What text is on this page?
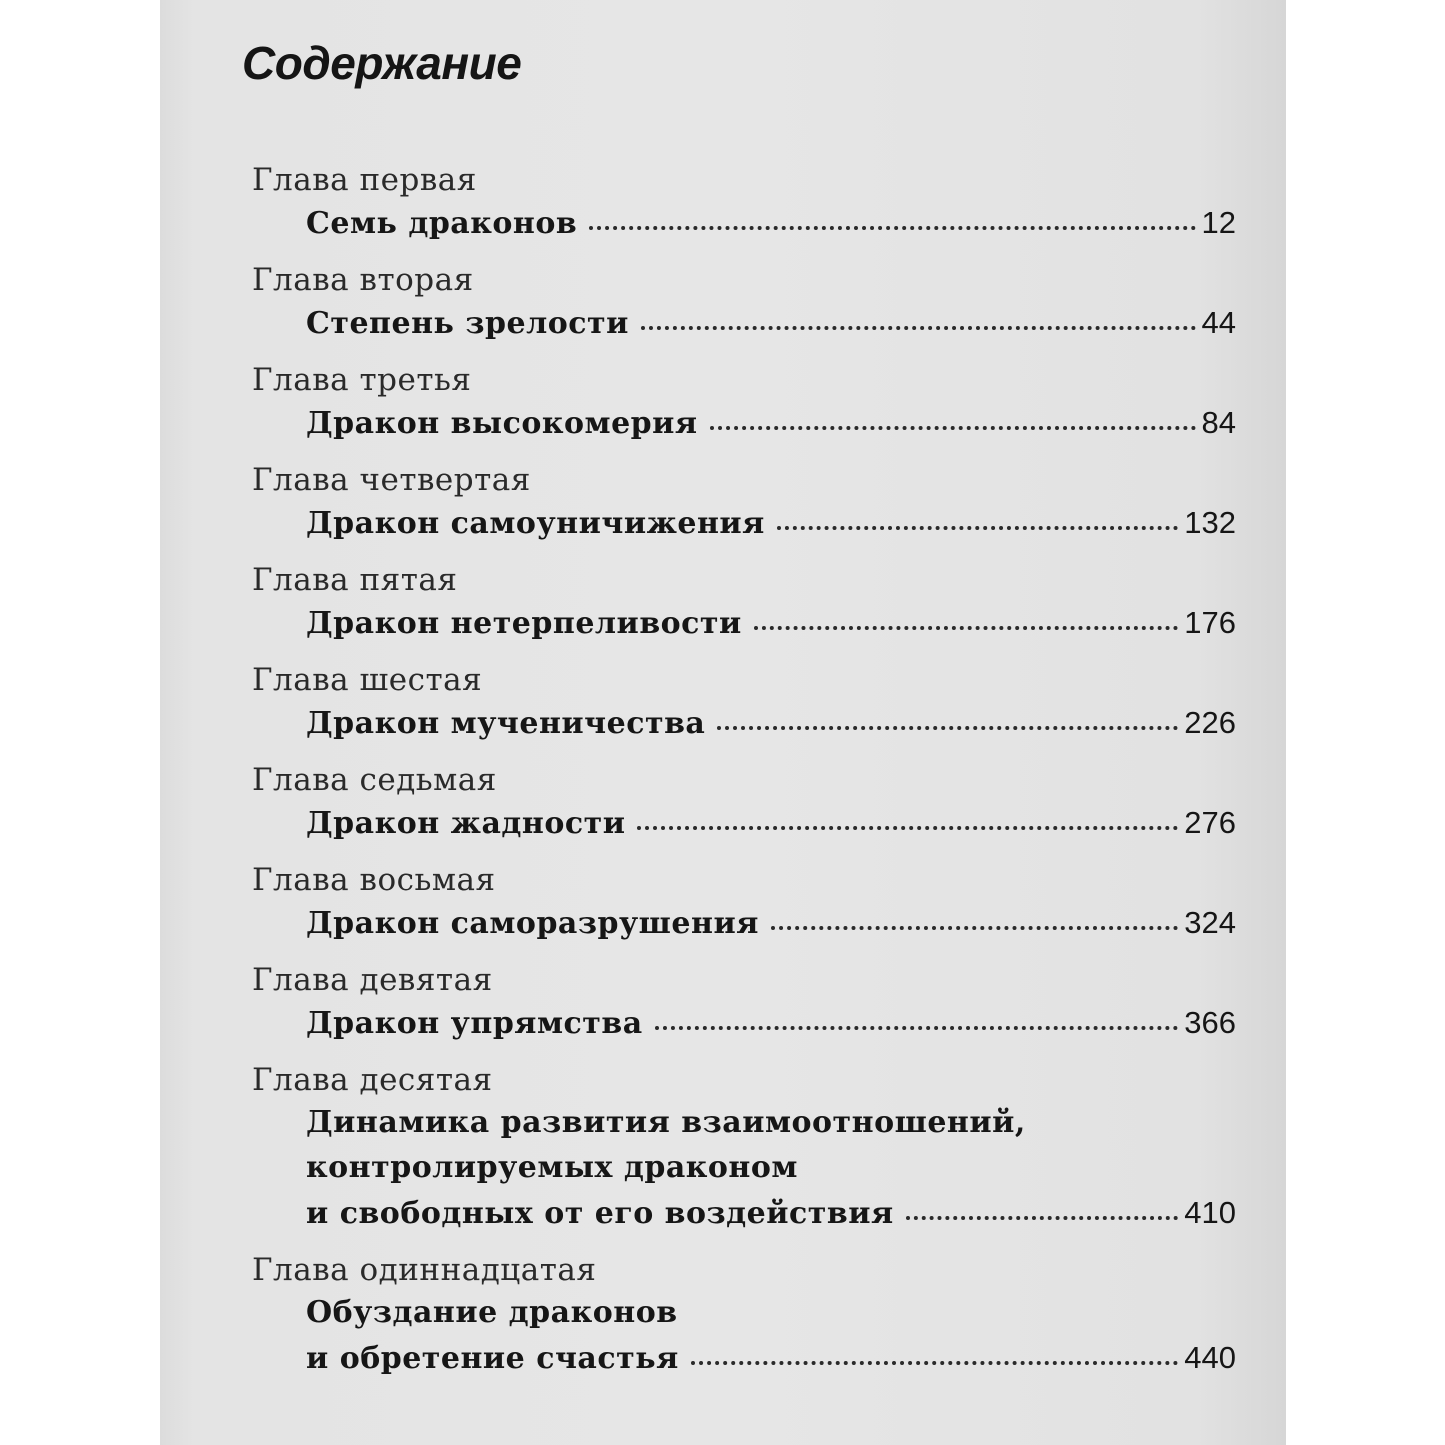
Содержание
Глава первая
Семь драконов	12
Глава вторая
Степень зрелости	44
Глава третья
Дракон высокомерия	84
Глава четвертая
Дракон самоуничижения	132
Глава пятая
Дракон нетерпеливости	176
Глава шестая
Дракон мученичества	226
Глава седьмая
Дракон жадности	276
Глава восьмая
Дракон саморазрушения	324
Глава девятая
Дракон упрямства	366
Глава десятая
Динамика развития взаимоотношений,
контролируемых драконом
и свободных от его воздействия	410
Глава одиннадцатая
Обуздание драконов
и обретение счастья	440
